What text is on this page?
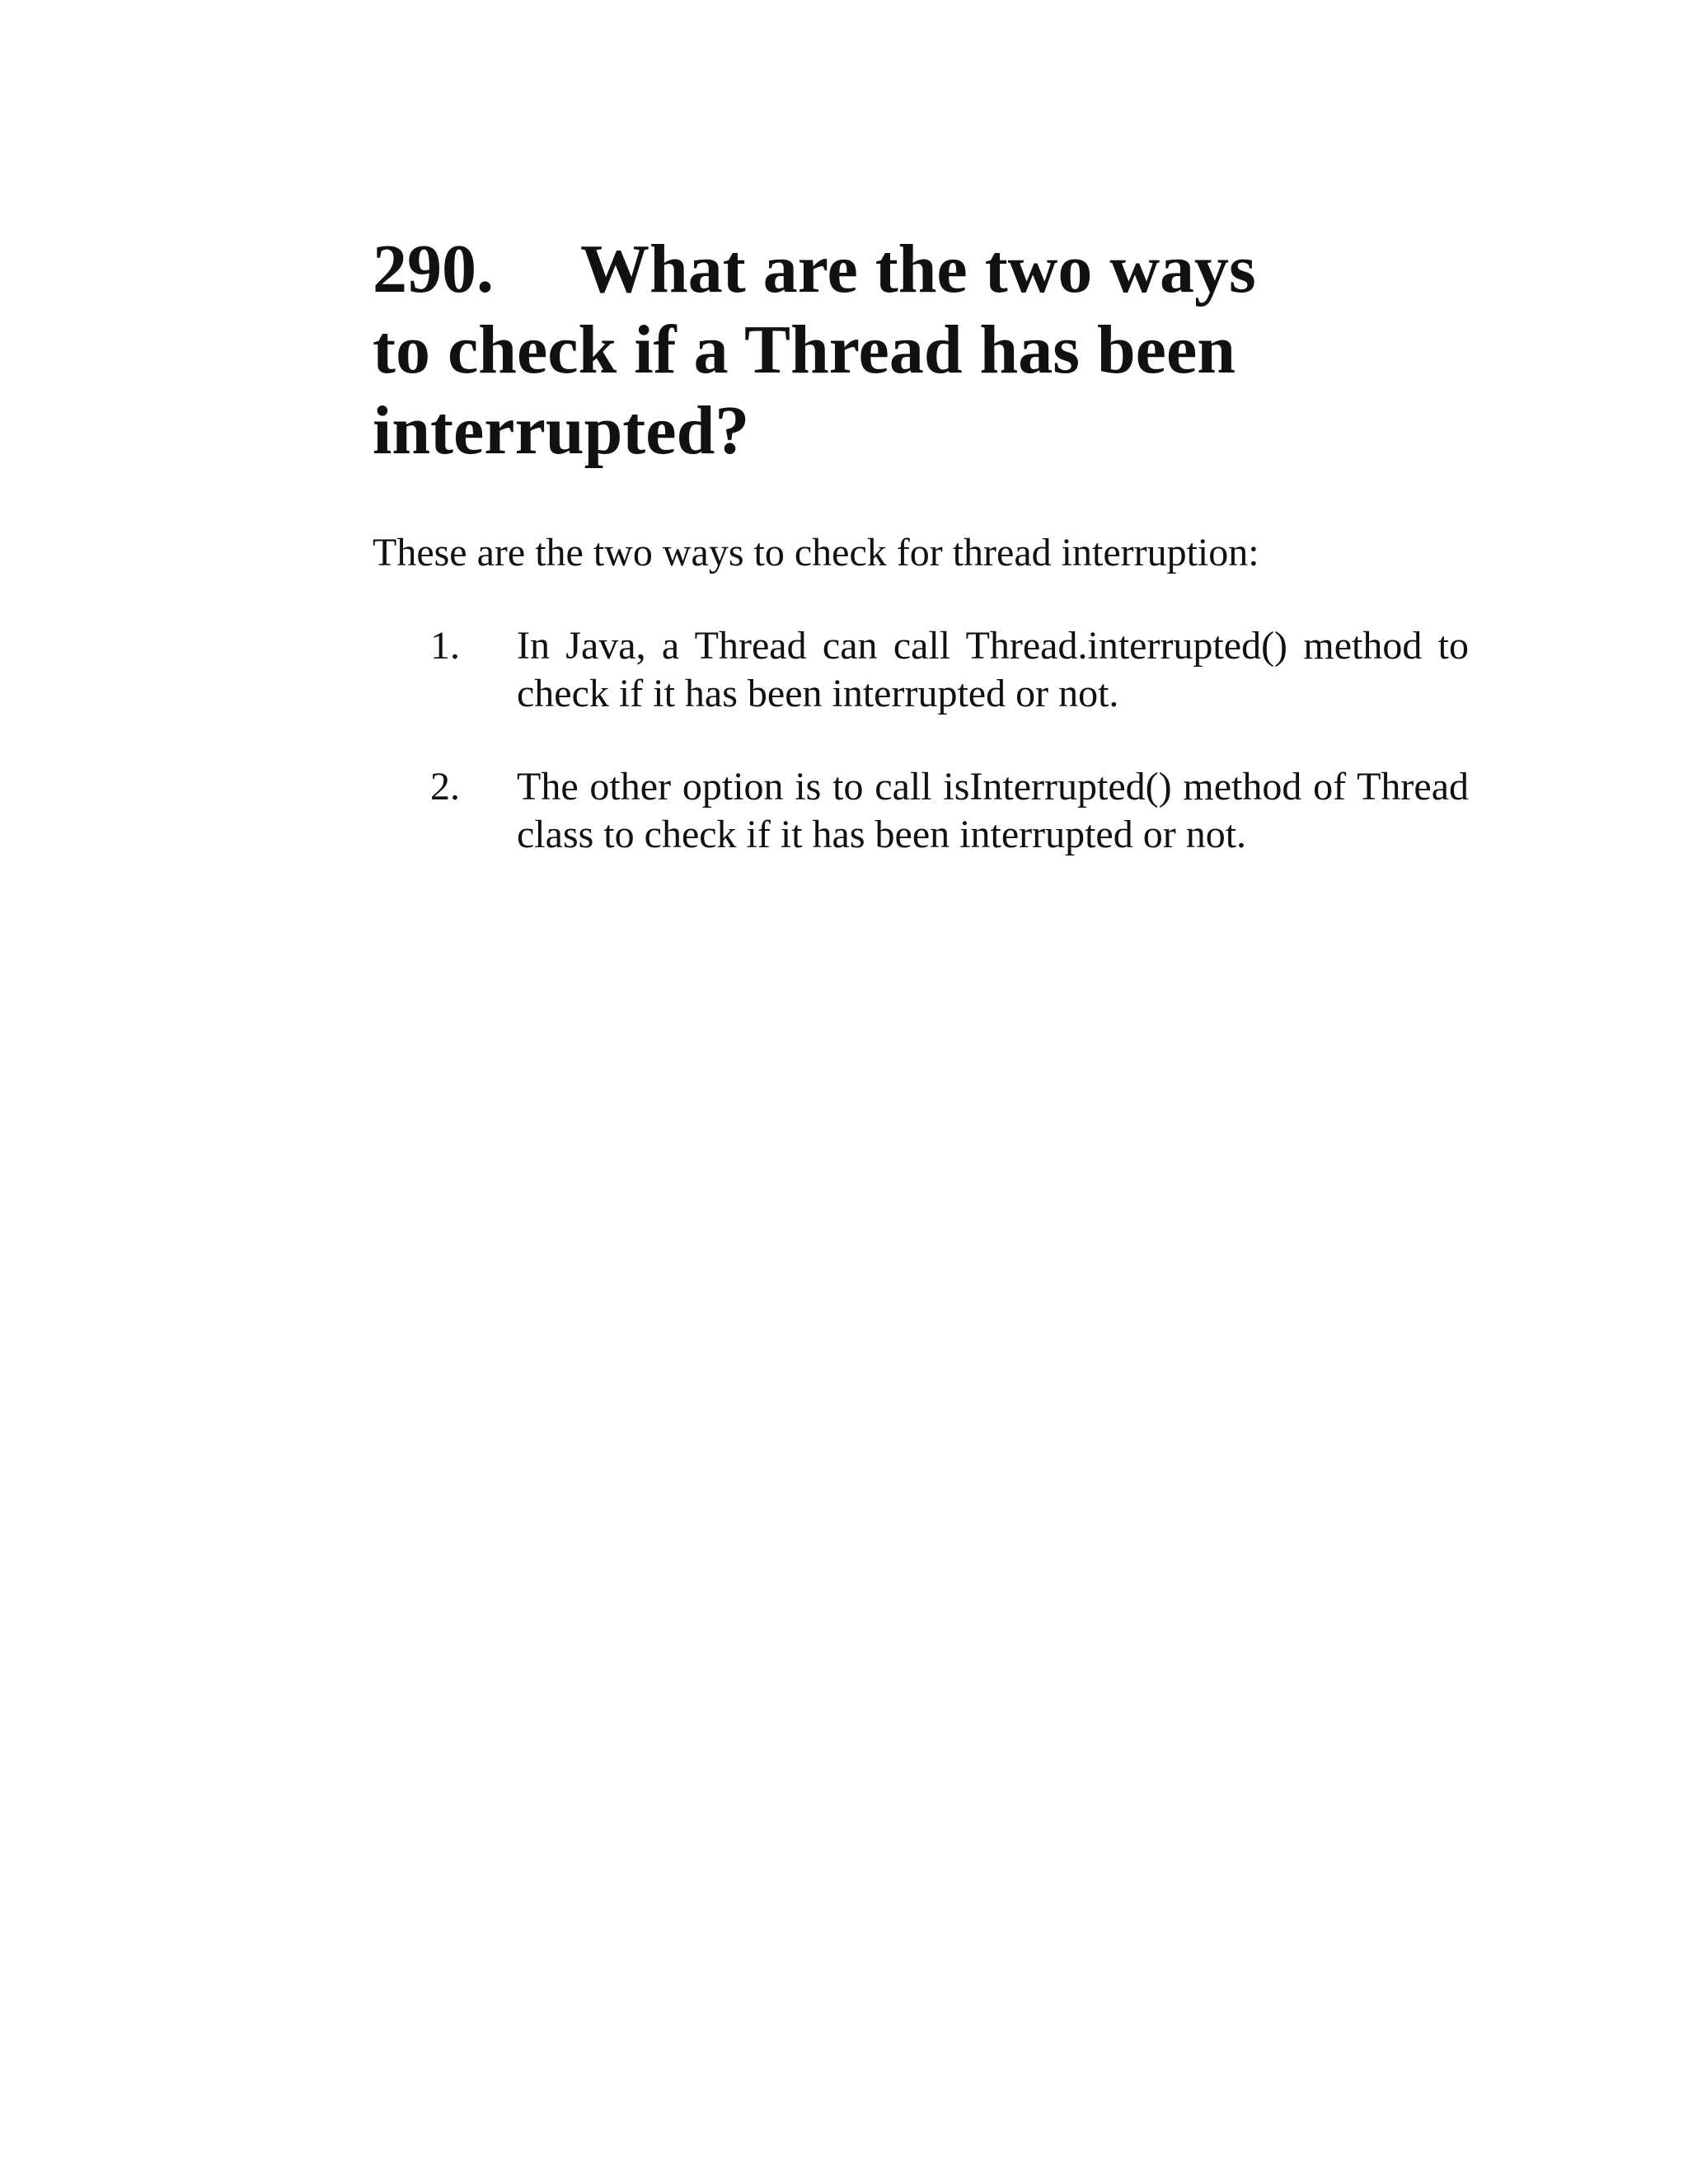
290. What are the two ways to check if a Thread has been interrupted?

These are the two ways to check for thread interruption:

1.	In Java, a Thread can call Thread.interrupted() method to check if it has been interrupted or not.
2.	The other option is to call isInterrupted() method of Thread class to check if it has been interrupted or not.
